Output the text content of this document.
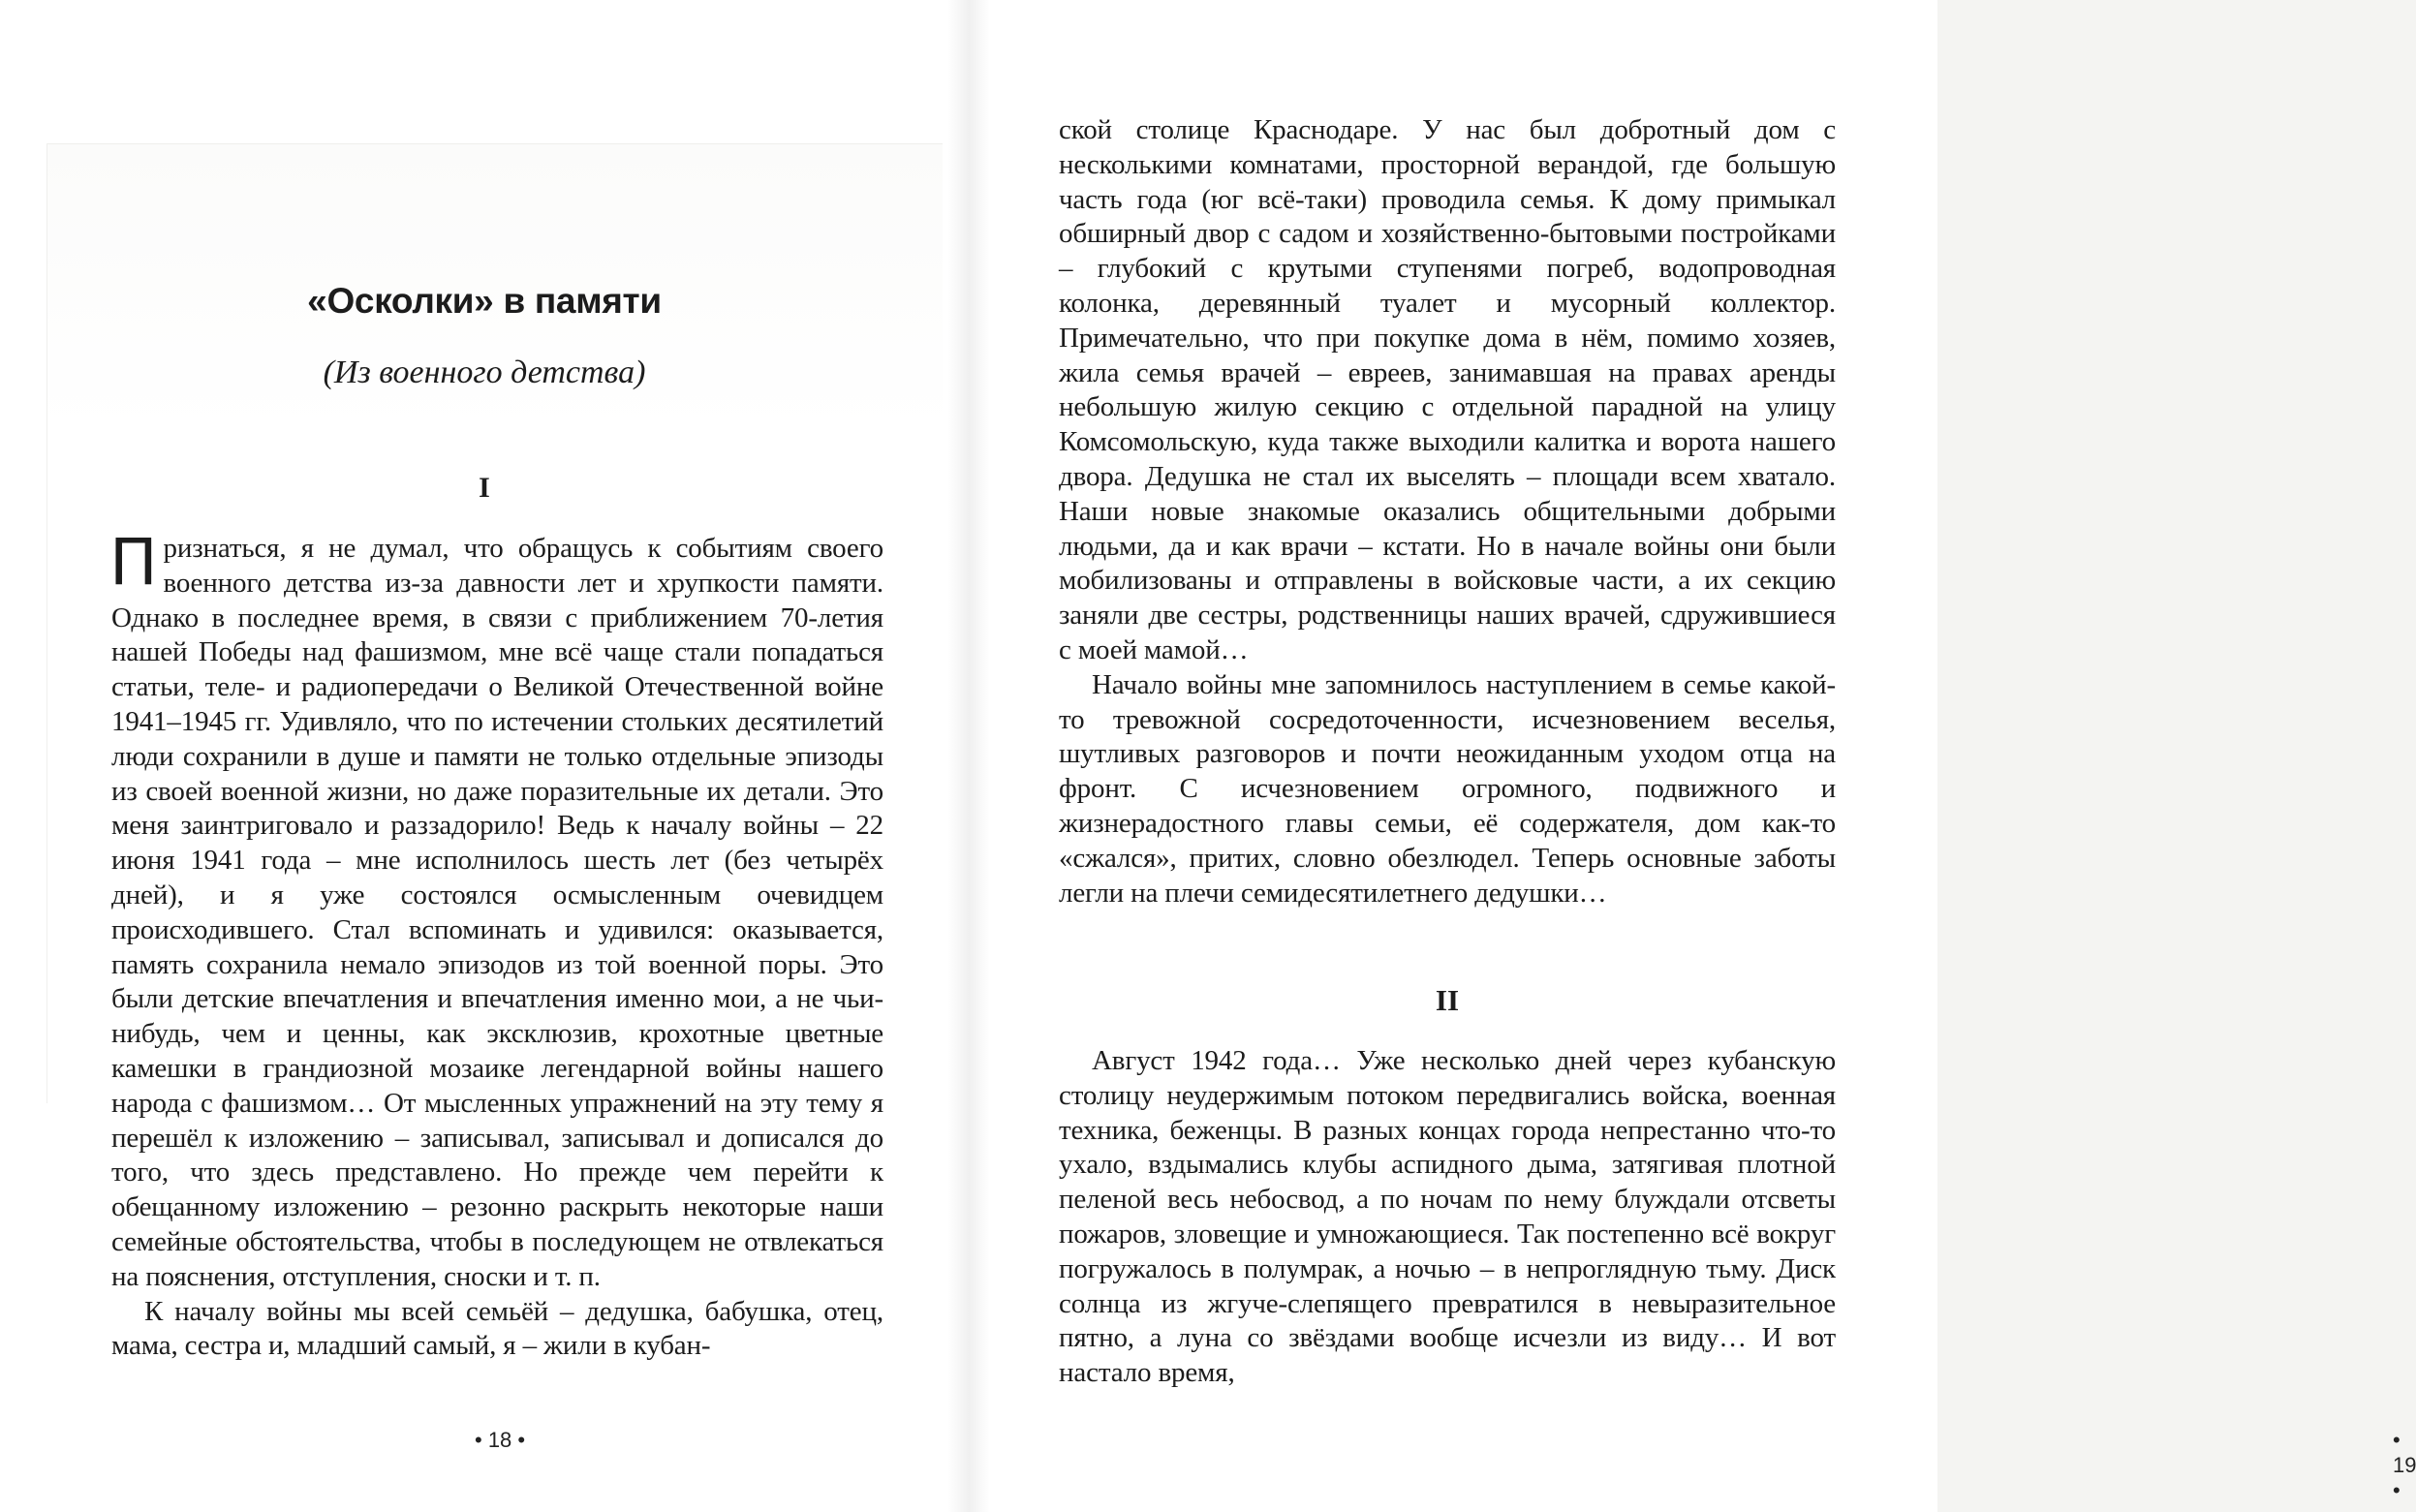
«Осколки» в памяти
(Из военного детства)
I

Признаться, я не думал, что обращусь к событиям своего военного детства из-за давности лет и хрупкости памяти. Однако в последнее время, в связи с приближением 70-летия нашей Победы над фашизмом, мне всё чаще стали попадаться статьи, теле- и радиопередачи о Великой Отечественной войне 1941–1945 гг. Удивляло, что по истечении стольких десятилетий люди сохранили в душе и памяти не только отдельные эпизоды из своей военной жизни, но даже поразительные их детали. Это меня заинтриговало и раззадорило! Ведь к началу войны – 22 июня 1941 года – мне исполнилось шесть лет (без четырёх дней), и я уже состоялся осмысленным очевидцем происходившего. Стал вспоминать и удивился: оказывается, память сохранила немало эпизодов из той военной поры. Это были детские впечатления и впечатления именно мои, а не чьи-нибудь, чем и ценны, как эксклюзив, крохотные цветные камешки в грандиозной мозаике легендарной войны нашего народа с фашизмом… От мысленных упражнений на эту тему я перешёл к изложению – записывал, записывал и дописался до того, что здесь представлено. Но прежде чем перейти к обещанному изложению – резонно раскрыть некоторые наши семейные обстоятельства, чтобы в последующем не отвлекаться на пояснения, отступления, сноски и т. п.

К началу войны мы всей семьёй – дедушка, бабушка, отец, мама, сестра и, младший самый, я – жили в кубан-

• 18 •	• 19 •

ской столице Краснодаре. У нас был добротный дом с несколькими комнатами, просторной верандой, где большую часть года (юг всё-таки) проводила семья. К дому примыкал обширный двор с садом и хозяйственно-бытовыми постройками – глубокий с крутыми ступенями погреб, водопроводная колонка, деревянный туалет и мусорный коллектор. Примечательно, что при покупке дома в нём, помимо хозяев, жила семья врачей – евреев, занимавшая на правах аренды небольшую жилую секцию с отдельной парадной на улицу Комсомольскую, куда также выходили калитка и ворота нашего двора. Дедушка не стал их выселять – площади всем хватало. Наши новые знакомые оказались общительными добрыми людьми, да и как врачи – кстати. Но в начале войны они были мобилизованы и отправлены в войсковые части, а их секцию заняли две сестры, родственницы наших врачей, сдружившиеся с моей мамой…

Начало войны мне запомнилось наступлением в семье какой-то тревожной сосредоточенности, исчезновением веселья, шутливых разговоров и почти неожиданным уходом отца на фронт. С исчезновением огромного, подвижного и жизнерадостного главы семьи, её содержателя, дом как-то «сжался», притих, словно обезлюдел. Теперь основные заботы легли на плечи семидесятилетнего дедушки…

II

Август 1942 года… Уже несколько дней через кубанскую столицу неудержимым потоком передвигались войска, военная техника, беженцы. В разных концах города непрестанно что-то ухало, вздымались клубы аспидного дыма, затягивая плотной пеленой весь небосвод, а по ночам по нему блуждали отсветы пожаров, зловещие и умножающиеся. Так постепенно всё вокруг погружалось в полумрак, а ночью – в непроглядную тьму. Диск солнца из жгуче-слепящего превратился в невыразительное пятно, а луна со звёздами вообще исчезли из виду… И вот настало время,
